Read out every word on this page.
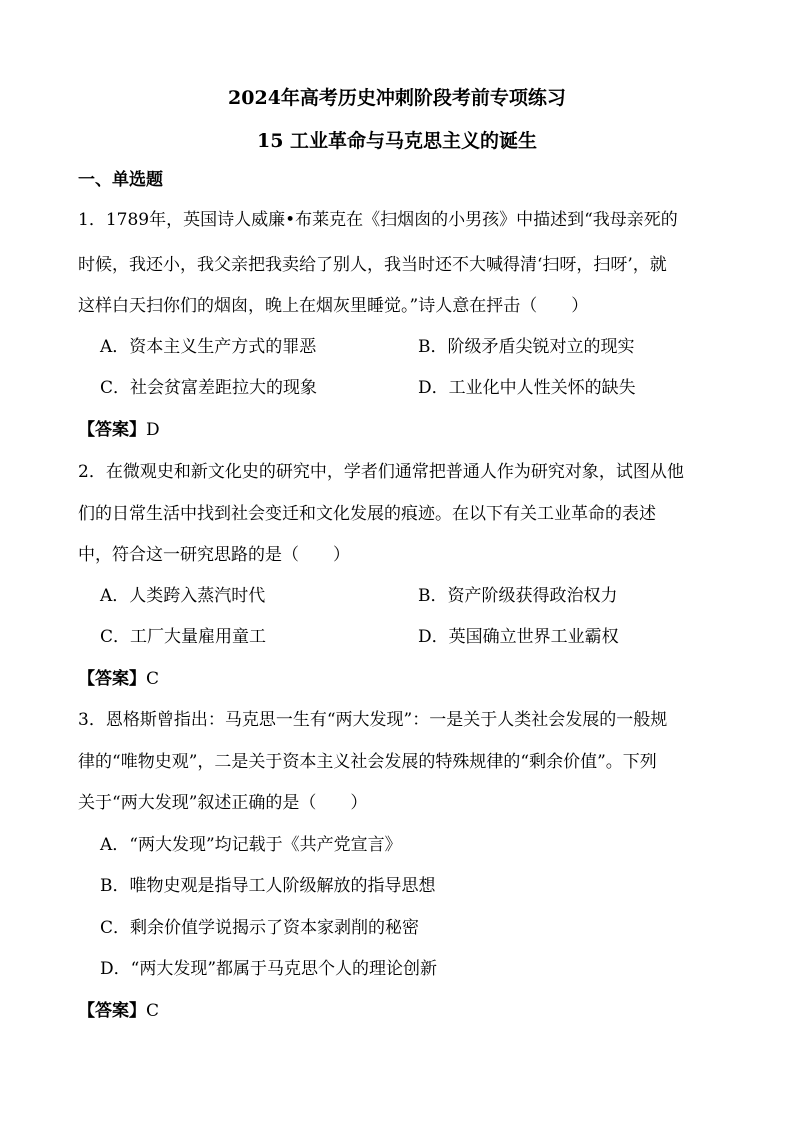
2024年高考历史冲刺阶段考前专项练习
15 工业革命与马克思主义的诞生
一、单选题
1．1789年，英国诗人威廉•布莱克在《扫烟囱的小男孩》中描述到“我母亲死的
时候，我还小，我父亲把我卖给了别人，我当时还不大喊得清‘扫呀，扫呀’，就
这样白天扫你们的烟囱，晚上在烟灰里睡觉。”诗人意在抨击（　　）
A．资本主义生产方式的罪恶	B．阶级矛盾尖锐对立的现实
C．社会贫富差距拉大的现象	D．工业化中人性关怀的缺失
【答案】D
2．在微观史和新文化史的研究中，学者们通常把普通人作为研究对象，试图从他
们的日常生活中找到社会变迁和文化发展的痕迹。在以下有关工业革命的表述
中，符合这一研究思路的是（　　）
A．人类跨入蒸汽时代	B．资产阶级获得政治权力
C．工厂大量雇用童工	D．英国确立世界工业霸权
【答案】C
3．恩格斯曾指出：马克思一生有“两大发现”：一是关于人类社会发展的一般规
律的“唯物史观”，二是关于资本主义社会发展的特殊规律的“剩余价值”。下列
关于“两大发现”叙述正确的是（　　）
A．“两大发现”均记载于《共产党宣言》
B．唯物史观是指导工人阶级解放的指导思想
C．剩余价值学说揭示了资本家剥削的秘密
D．“两大发现”都属于马克思个人的理论创新
【答案】C
